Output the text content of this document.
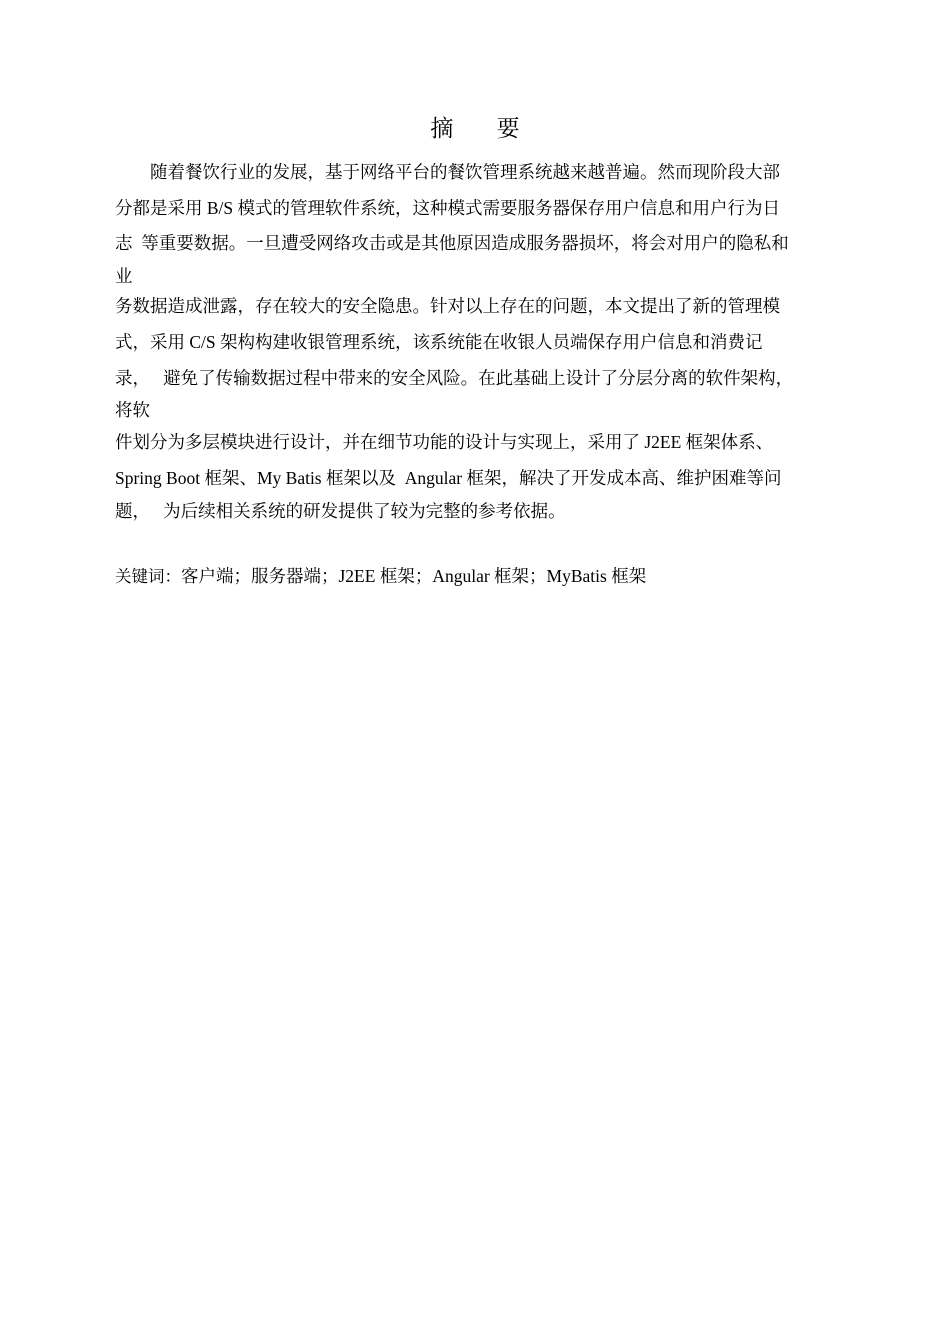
摘 要
随着餐饮行业的发展，基于网络平台的餐饮管理系统越来越普遍。然而现阶段大部
分都是采用 B/S 模式的管理软件系统，这种模式需要服务器保存用户信息和用户行为日
志  等重要数据。一旦遭受网络攻击或是其他原因造成服务器损坏，将会对用户的隐私和
业
务数据造成泄露，存在较大的安全隐患。针对以上存在的问题，本文提出了新的管理模
式，采用 C/S 架构构建收银管理系统，该系统能在收银人员端保存用户信息和消费记
录，   避免了传输数据过程中带来的安全风险。在此基础上设计了分层分离的软件架构，
将软
件划分为多层模块进行设计，并在细节功能的设计与实现上，采用了 J2EE 框架体系、
Spring Boot 框架、My Batis 框架以及  Angular 框架，解决了开发成本高、维护困难等问
题，   为后续相关系统的研发提供了较为完整的参考依据。
关键词：客户端；服务器端；J2EE 框架；Angular 框架；MyBatis 框架
